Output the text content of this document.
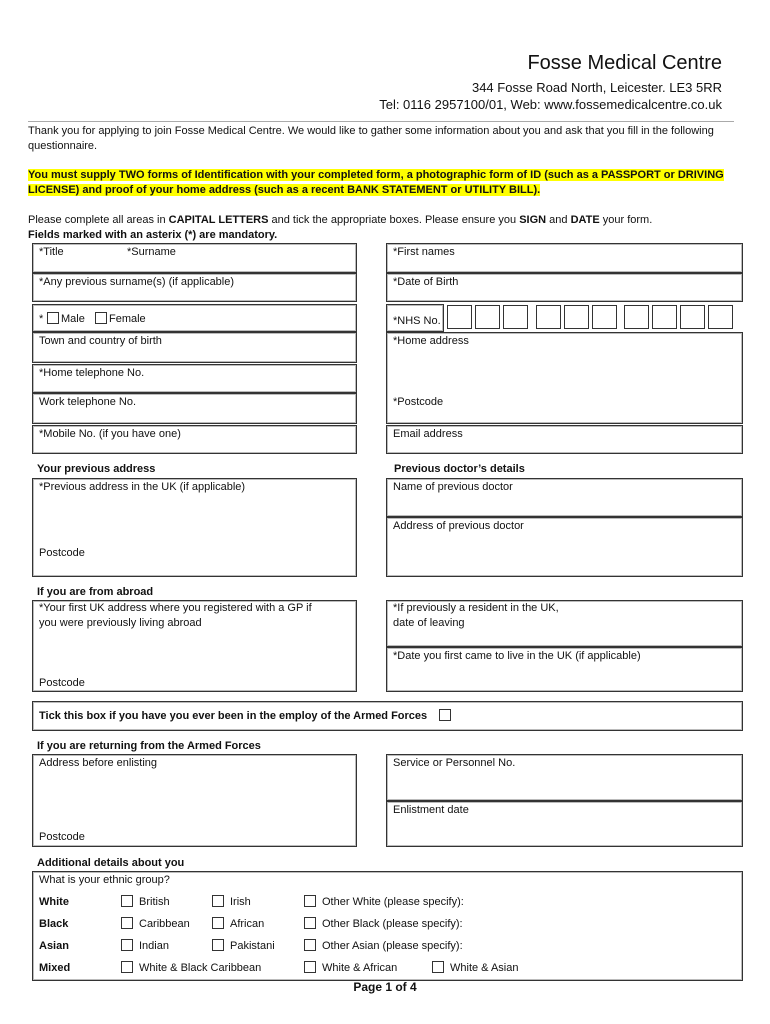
Fosse Medical Centre
344 Fosse Road North, Leicester. LE3 5RR
Tel: 0116 2957100/01, Web: www.fossemedicalcentre.co.uk
Thank you for applying to join Fosse Medical Centre. We would like to gather some information about you and ask that you fill in the following questionnaire.
You must supply TWO forms of Identification with your completed form, a photographic form of ID (such as a PASSPORT or DRIVING LICENSE) and proof of your home address (such as a recent BANK STATEMENT or UTILITY BILL).
Please complete all areas in CAPITAL LETTERS and tick the appropriate boxes. Please ensure you SIGN and DATE your form.
Fields marked with an asterix (*) are mandatory.
*Title	*Surname
*Any previous surname(s) (if applicable)
* Male Female
Town and country of birth
*Home telephone No.
Work telephone No.
*Mobile No. (if you have one)
*First names
*Date of Birth
*NHS No.
*Home address
*Postcode
Email address
Your previous address
*Previous address in the UK (if applicable)
Postcode
Previous doctor’s details
Name of previous doctor
Address of previous doctor
If you are from abroad
*Your first UK address where you registered with a GP if
you were previously living abroad
Postcode
*If previously a resident in the UK,
date of leaving
*Date you first came to live in the UK (if applicable)
Tick this box if you have you ever been in the employ of the Armed Forces
If you are returning from the Armed Forces
Address before enlisting
Postcode
Service or Personnel No.
Enlistment date
Additional details about you
What is your ethnic group?
White	British	Irish	Other White (please specify):
Black	Caribbean	African	Other Black (please specify):
Asian	Indian	Pakistani	Other Asian (please specify):
Mixed	White & Black Caribbean	White & African	White & Asian
Page 1 of 4
